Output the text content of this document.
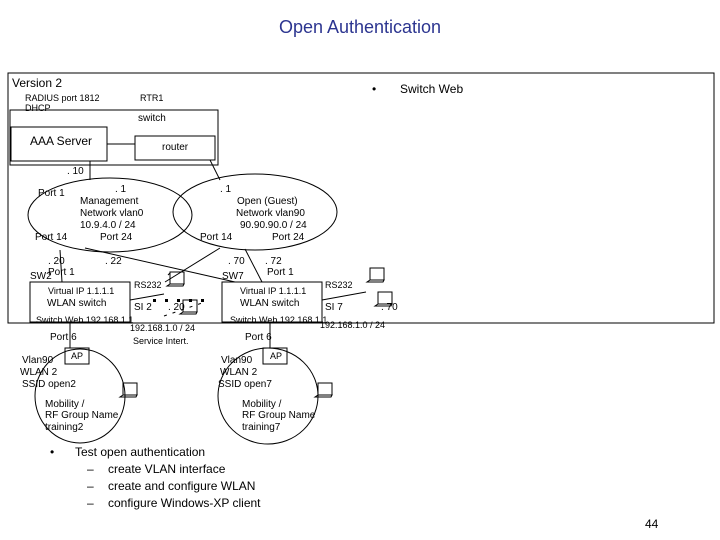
Open Authentication
Version 2
RADIUS port 1812
DHCP
RTR1
• Switch Web
switch
AAA Server	router
. 10
. 1
Port 1
Management
Network vlan0
10.9.4.0 / 24
Port 14	Port 24
. 1
Open (Guest)
Network vlan90
90.90.90.0 / 24
Port 14	Port 24
. 20	. 22
SW2
Port 1
RS232
Virtual IP 1.1.1.1
WLAN switch	SI 2 . 20
Switch Web 192.168.1.1
192.168.1.0 / 24
Service Intert.
Port 6
AP
Vlan90
WLAN 2
SSID open2
Mobility /
RF Group Name
training2
. 70 . 72
SW7 Port 1
RS232
Virtual IP 1.1.1.1
WLAN switch	SI 7	. 70
Switch Web 192.168.1.1
192.168.1.0 / 24
Port 6
AP
Vlan90
WLAN 2
SSID open7
Mobility /
RF Group Name
training7
• Test open authentication
– create VLAN interface

– create and configure WLAN

– configure Windows-XP client

44
